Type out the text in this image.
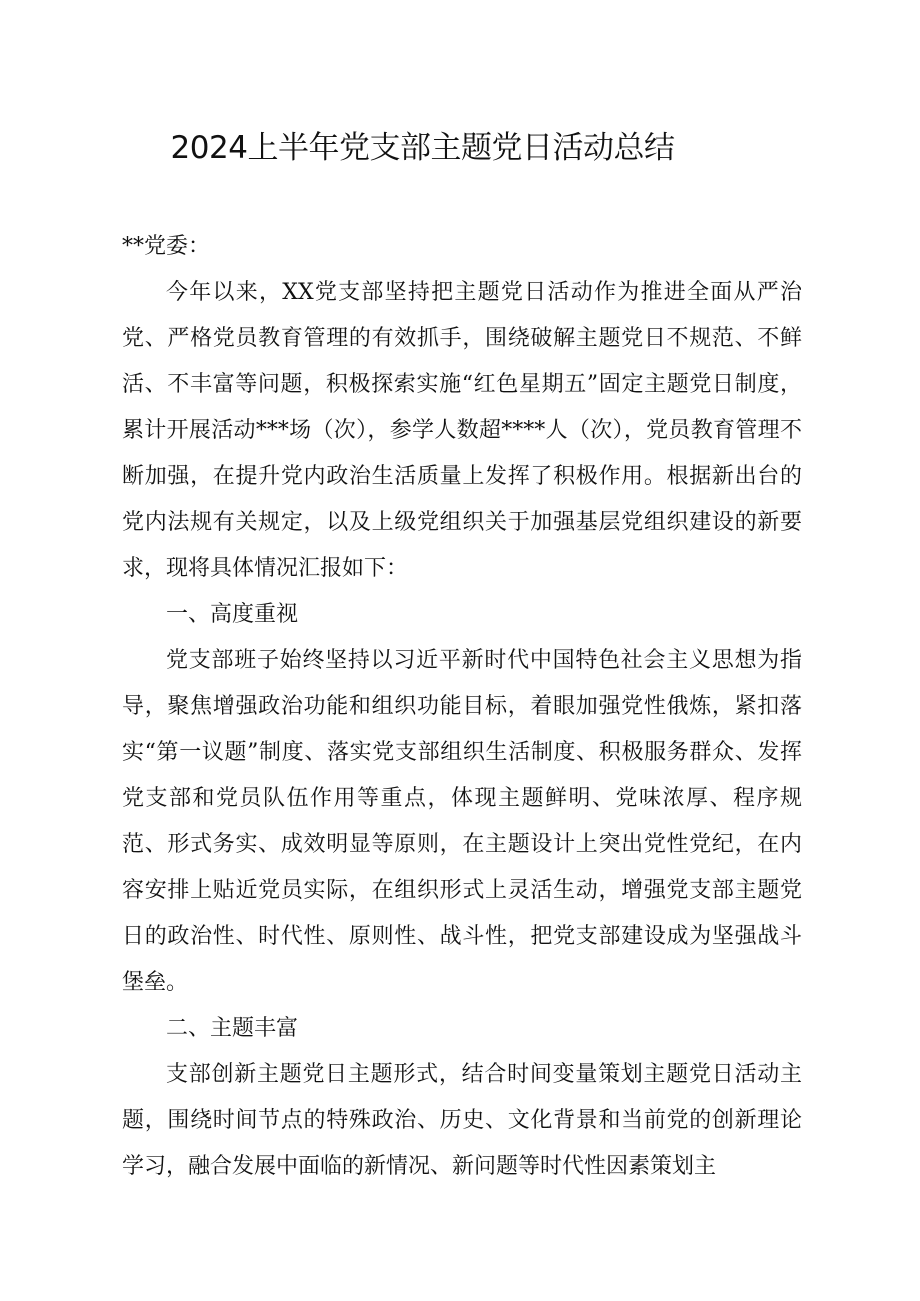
2024上半年党支部主题党日活动总结

**党委：

今年以来，XX党支部坚持把主题党日活动作为推进全面从严治党、严格党员教育管理的有效抓手，围绕破解主题党日不规范、不鲜活、不丰富等问题，积极探索实施“红色星期五”固定主题党日制度，累计开展活动***场（次），参学人数超****人（次），党员教育管理不断加强，在提升党内政治生活质量上发挥了积极作用。根据新出台的党内法规有关规定，以及上级党组织关于加强基层党组织建设的新要求，现将具体情况汇报如下：

一、高度重视

党支部班子始终坚持以习近平新时代中国特色社会主义思想为指导，聚焦增强政治功能和组织功能目标，着眼加强党性俄炼，紧扣落实“第一议题”制度、落实党支部组织生活制度、积极服务群众、发挥党支部和党员队伍作用等重点，体现主题鲜明、党味浓厚、程序规范、形式务实、成效明显等原则，在主题设计上突出党性党纪，在内容安排上贴近党员实际，在组织形式上灵活生动，增强党支部主题党日的政治性、时代性、原则性、战斗性，把党支部建设成为坚强战斗堡垒。

二、主题丰富

支部创新主题党日主题形式，结合时间变量策划主题党日活动主题，围绕时间节点的特殊政治、历史、文化背景和当前党的创新理论学习，融合发展中面临的新情况、新问题等时代性因素策划主
